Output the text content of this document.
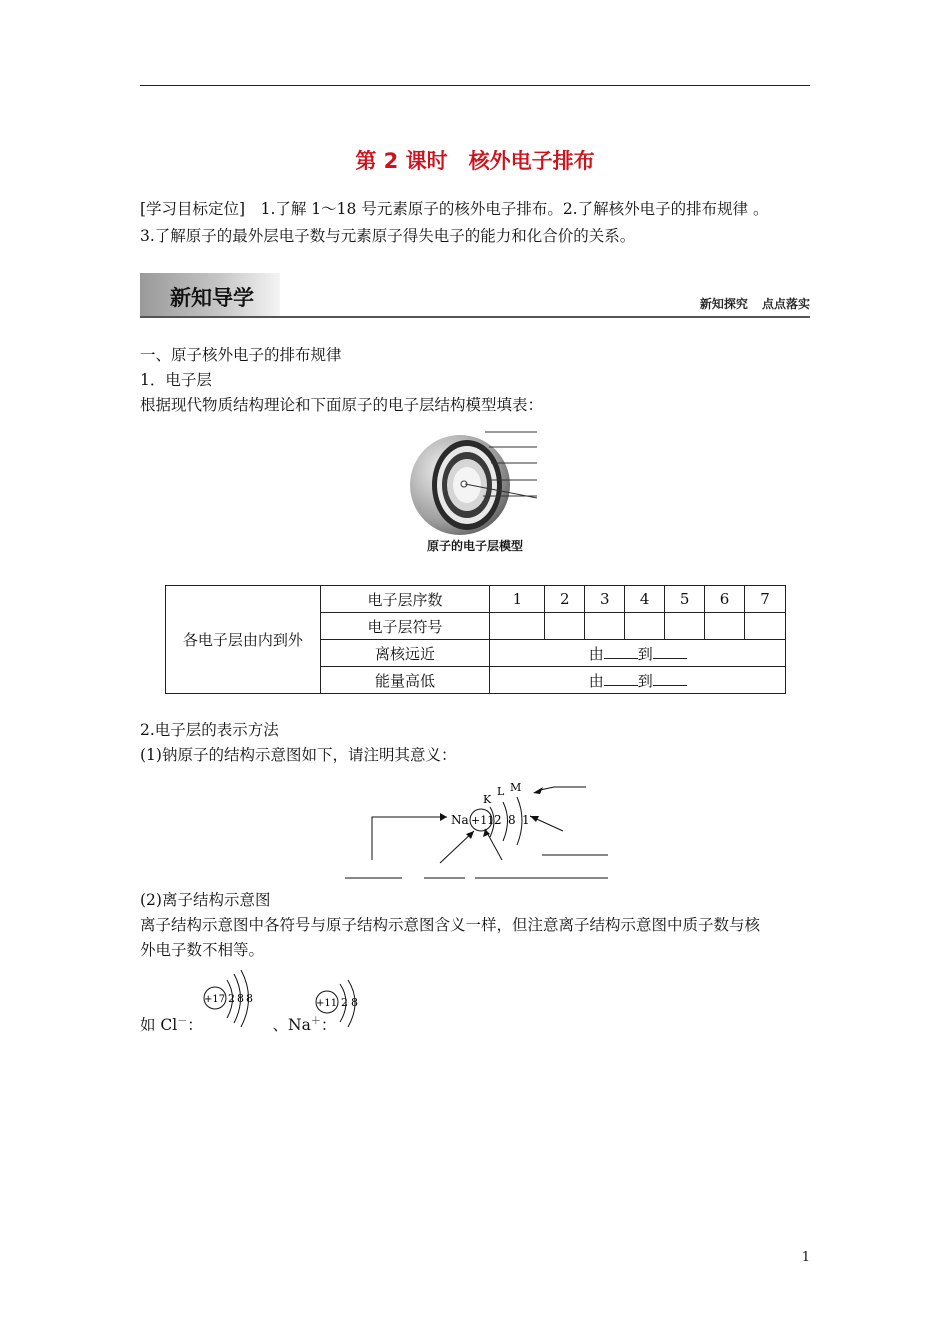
第 2 课时　核外电子排布
[学习目标定位]　1.了解 1～18 号元素原子的核外电子排布。2.了解核外电子的排布规律 。
3.了解原子的最外层电子数与元素原子得失电子的能力和化合价的关系。
新知导学	新知探究 点点落实
一、原子核外电子的排布规律
1．电子层
根据现代物质结构理论和下面原子的电子层结构模型填表：
原子的电子层模型
各电子层由内到外	电子层序数	1	2	3	4	5	6	7
	电子层符号							
	离核远近	由 到						
	能量高低	由 到						
2.电子层的表示方法
(1)钠原子的结构示意图如下，请注明其意义：
Na +11 2 8 1
K
L M
(2)离子结构示意图
离子结构示意图中各符号与原子结构示意图含义一样，但注意离子结构示意图中质子数与核
外电子数不相等。
如 Cl－：　　　　　、Na＋：
+17 2 8 8	+11 2 8
1
